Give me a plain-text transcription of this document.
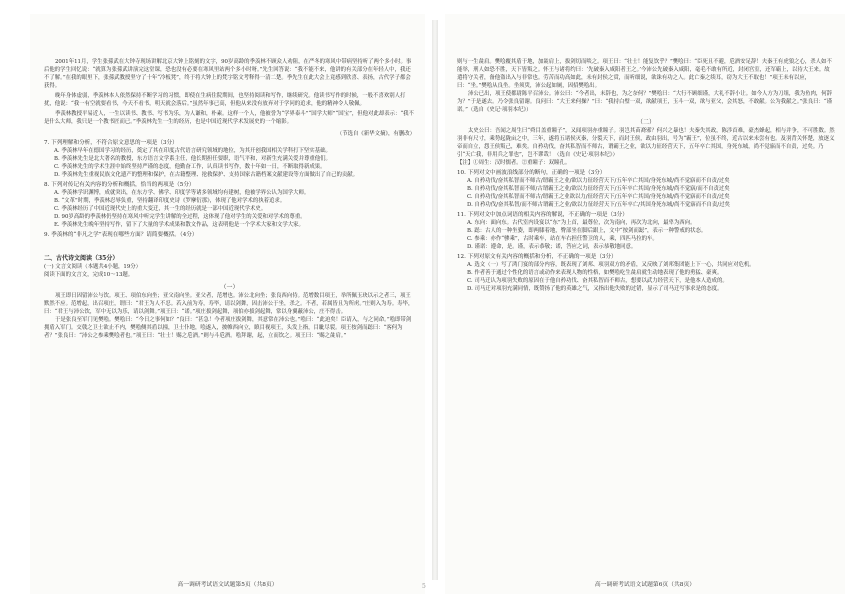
2001年11月，学生张孫武在大钟寺现场讲解北京大钟上铭刻的文字，90岁高龄的季羡林不顾众人劝阻，在严冬的寒风中带病坚持听了两个多小时。事后他的学生回忆说：“就算为张孫武讲演完这堂课，恐也没有必要在寒风里站两个多小时呀。”先生回答说：“我不能不来，他讲的有关部分在年轻人中，我还不了解。”在我的眼里下，张孫武教授坚守了十年“冷板凳”，终于将大钟上的梵字铭文考释得一清二楚。季先生在此大会上竟感到欣喜、表扬，古代学子都会获得。

晚年身体虚弱，季羡林本人依然保持不断学习的习惯，即使在生病住院期间，也坚持阅读和写作，继续研究。他读书写作的时候，一般不喜欢别人打扰，他说：“我一有空就要看书，今天不看书，明天就会落后。”虽然年事已高，但他从来没有放弃对于学问的追求，他的精神令人敬佩。

季羡林教授平易近人，一生以读书、教书、写书为乐，为人谦和，朴素。这样一个人，他被誉为“学界泰斗”“国学大师”“国宝”，但他对此却表示：“我不是什么大师，我只是一个教书匠而已。”季羡林先生一生的经历，也是中国近现代学术发展史的一个缩影。

（节选自《新华文摘》，有删改）

7. 下列理解和分析，不符合原文意思的一项是（3分）

A. 季羡林早年在德国学习的经历，奠定了其在印度古代语言研究领域的地位，为其开创我国相关学科打下坚实基础。

B. 季羡林先生是北大著名的教授，东方语言文学系主任，他长期担任要职，语气平和，对新生充满关爱并尊重他们。

C. 季羡林先生的学术生涯中始终坚持严谨的态度，他勤奋工作，认真读书写作，数十年如一日，不断取得新成果。

D. 季羡林先生重视民族文化遗产的整理和保护，在古籍整理、抢救保护、支持国家古籍档案文献建设等方面做出了自己的贡献。

8. 下列对传记有关内容的分析和概括，恰当的两项是（5分）

A. 季羡林学识渊博，成就突出，在东方学、佛学、印度学等诸多领域均有建树，他被学界公认为国学大师。

B. “文革”时期，季羡林忍辱负重，坚持翻译印度史诗《罗摩衍那》，体现了他对学术的执着追求。

C. 季羡林经历了中国近现代史上的重大变迁，其一生的经历就是一部中国近现代学术史。

D. 90岁高龄的季羡林仍坚持在寒风中听完学生讲解的全过程，这体现了他对学生的关爱和对学术的尊重。

E. 季羡林先生晚年坚持写作，留下了大量的学术成果和散文作品，这表明他是一个学术大家和文学大家。

9. 季羡林的“非凡之学”表现在哪些方面？请简要概括。（4分）

二、古代诗文阅读（35分）

(一) 文言文阅读（本题共4小题，19分）

阅读下面的文言文，完成10～13题。

（一）

项王即日因留沛公与饮。项王、项伯东向坐；亚父南向坐。亚父者，范增也。沛公北向坐；张良西向侍。范增数目项王，举所佩玉玦以示之者三，项王默然不应。范增起，出召项庄，谓曰：“君王为人不忍。若入前为寿，寿毕，请以剑舞，因击沛公于坐，杀之。不者，若属皆且为所虏。”庄则入为寿。寿毕，曰：“君王与沛公饮，军中无以为乐，请以剑舞。”项王曰：“诺。”项庄拔剑起舞，项伯亦拔剑起舞，常以身翼蔽沛公，庄不得击。

于是张良至军门见樊哙。樊哙曰：“今日之事何如？”良曰：“甚急！今者项庄拔剑舞，其意常在沛公也。”哙曰：“此迫矣！臣请入，与之同命。”哙即带剑拥盾入军门。交戟之卫士欲止不内，樊哙侧其盾以撞，卫士仆地，哙遂入，披帷西向立，瞋目视项王，头发上指，目眦尽裂。项王按剑而跽曰：“客何为者？”张良曰：“沛公之参乘樊哙者也。”项王曰：“壮士！赐之卮酒。”则与斗卮酒。哙拜谢，起，立而饮之。项王曰：“赐之彘肩。”

高一调研考试语文试题第5页（共8页）

则与一生彘肩。樊哙覆其盾于地，加彘肩上，拔剑切而啖之。项王曰：“壮士！能复饮乎？”樊哙曰：“臣死且不避，卮酒安足辞！夫秦王有虎狼之心，杀人如不能举，刑人如恐不胜，天下皆叛之。怀王与诸将约曰：‘先破秦入咸阳者王之。’今沛公先破秦入咸阳，毫毛不敢有所近，封闭宫室，还军霸上，以待大王来。故遣将守关者，备他盗出入与非常也。劳苦而功高如此，未有封侯之赏，而听细说，欲诛有功之人。此亡秦之续耳，窃为大王不取也！”项王未有以应，曰：“坐。”樊哙从良坐。坐须臾，沛公起如厕，因招樊哙出。

沛公已出，项王使都尉陈平召沛公。沛公曰：“今者出，未辞也，为之奈何？”樊哙曰：“大行不顾细谨，大礼不辞小让。如今人方为刀俎，我为鱼肉，何辞为？”于是遂去。乃令张良留谢。良问曰：“大王来何操？”曰：“我持白璧一双，欲献项王，玉斗一双，欲与亚父，会其怒，不敢献。公为我献之。”张良曰：“谨诺。”（选自《史记·项羽本纪》）

（二）

太史公曰：吾闻之周生曰“舜目盖重瞳子”，又闻项羽亦重瞳子。羽岂其苗裔邪？何兴之暴也！夫秦失其政，陈涉首难，豪杰蜂起，相与并争，不可胜数。然羽非有尺寸，乘势起陇亩之中，三年，遂将五诸侯灭秦，分裂天下，而封王侯，政由羽出，号为“霸王”，位虽不终，近古以来未尝有也。及羽背关怀楚，放逐义帝而自立，怨王侯叛己，难矣。自矜功伐，奋其私智而不师古，谓霸王之业，欲以力征经营天下，五年卒亡其国，身死东城，尚不觉寤而不自责，过矣。乃引“天亡我，非用兵之罪也”，岂不谬哉！（选自《史记·项羽本纪》）

【注】①周生：汉时儒者。②重瞳子：双瞳孔。

10. 下列对文中画波浪线部分的断句，正确的一项是（3分）

A. 自矜功伐/奋其私智而不师古/谓霸王之业/欲以力征经营天下/五年卒亡其国/身死东城/尚不觉寤而不自责/过矣

B. 自矜功伐/奋其私智而不师/古谓霸王之业/欲以力征经营天下/五年卒亡其国/身死东城/尚不觉寤/而不自责过矣

C. 自矜功伐/奋其私智而不师古/谓霸王之业欲以力/征经营天下/五年卒亡其国/身死东城/尚不觉寤而不自责/过矣

D. 自矜功伐/奋其私智/而不师古谓霸王之业/欲以力征经营天下/五年卒亡/其国身死东城/尚不觉寤而不自责/过矣

11. 下列对文中加点词语的相关内容的解说，不正确的一项是（3分）

A. 东向：面向东。古代室内设宴以“东”为上首，最尊位，次为南向，再次为北向，最卑为西向。

B. 跽：古人的一种坐姿，即两膝着地，臀部坐在脚后跟上，文中“按剑而跽”，表示一种警戒的状态。

C. 参乘：亦作“骖乘”，古时乘车，站在车右担任警卫的人，乘，四匹马拉的车。

D. 谨诺：遵命，是。谨，表示恭敬；诺，答应之词，表示恭敬地同意。

12. 下列对原文有关内容的概括和分析，不正确的一项是（3分）

A. 选文（一）写了鸿门宴的部分内容，既表现了刘邦、项羽双方的矛盾，又反映了刘邦集团能上下一心，共同应对危机。

B. 作者善于通过个性化的语言或动作来表现人物的性格，如樊哙吃生彘肩就生动地表现了他的勇猛、豪爽。

C. 司马迁认为项羽失败的原因在于他自矜功伐、奋其私智而不师古，想要以武力经营天下，是他本人造成的。

D. 司马迁对项羽充满同情，既赞扬了他的英雄之气，又指出他失败的过错，显示了司马迁写事求是的态度。

高一调研考试语文试题第6页（共8页）
5
